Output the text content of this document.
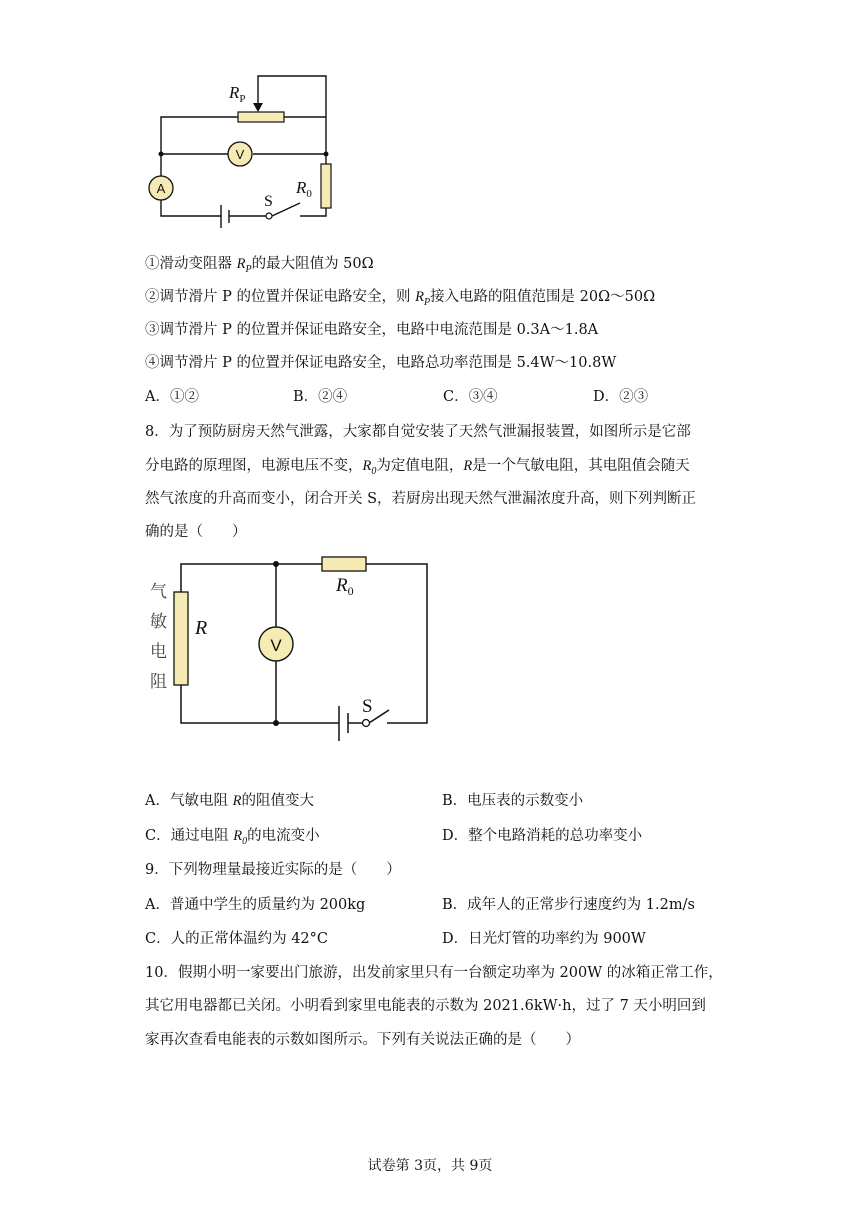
$R_P$
V
A	$R_0$
S
①滑动变阻器 $R_P$的最大阻值为 50Ω
②调节滑片 P 的位置并保证电路安全，则 $R_P$接入电路的阻值范围是 20Ω～50Ω
③调节滑片 P 的位置并保证电路安全，电路中电流范围是 0.3A～1.8A
④调节滑片 P 的位置并保证电路安全，电路总功率范围是 5.4W～10.8W
A．①②	B．②④	C．③④	D．②③
8．为了预防厨房天然气泄露，大家都自觉安装了天然气泄漏报装置，如图所示是它部
分电路的原理图，电源电压不变，$R_0$为定值电阻，R是一个气敏电阻，其电阻值会随天
然气浓度的升高而变小，闭合开关 S，若厨房出现天然气泄漏浓度升高，则下列判断正
确的是（　　）
气
敏
电
阻
R
V
$R_0$
S
A．气敏电阻 R的阻值变大	B．电压表的示数变小
C．通过电阻 $R_0$的电流变小	D．整个电路消耗的总功率变小
9．下列物理量最接近实际的是（　　）
A．普通中学生的质量约为 200kg	B．成年人的正常步行速度约为 1.2m/s
C．人的正常体温约为 42°C	D．日光灯管的功率约为 900W
10．假期小明一家要出门旅游，出发前家里只有一台额定功率为 200W 的冰箱正常工作，
其它用电器都已关闭。小明看到家里电能表的示数为 2021.6kW·h，过了 7 天小明回到
家再次查看电能表的示数如图所示。下列有关说法正确的是（　　）
试卷第 3页，共 9页
